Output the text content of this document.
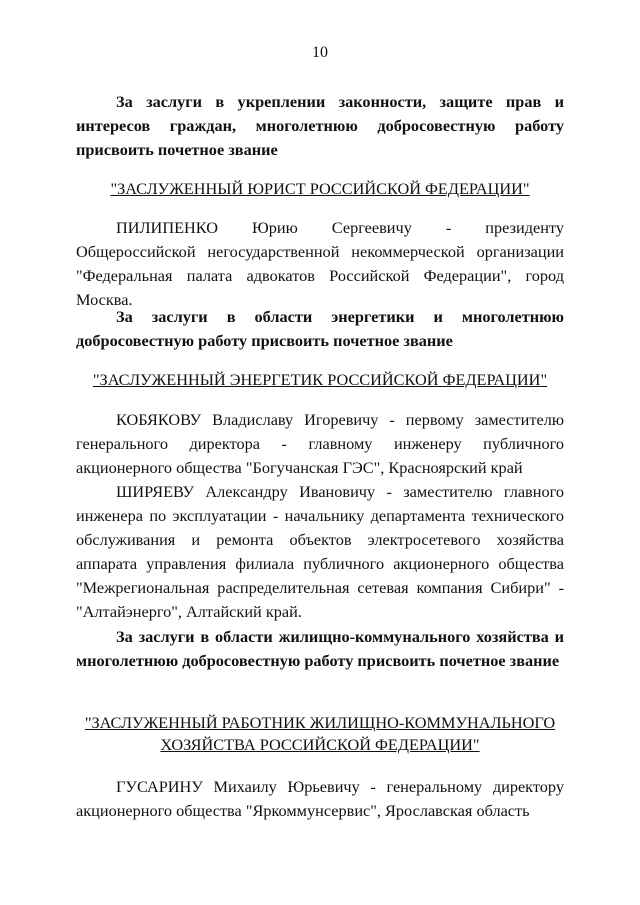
10
За заслуги в укреплении законности, защите прав и интересов граждан, многолетнюю добросовестную работу присвоить почетное звание
"ЗАСЛУЖЕННЫЙ ЮРИСТ РОССИЙСКОЙ ФЕДЕРАЦИИ"
ПИЛИПЕНКО Юрию Сергеевичу - президенту Общероссийской негосударственной некоммерческой организации "Федеральная палата адвокатов Российской Федерации", город Москва.
За заслуги в области энергетики и многолетнюю добросовестную работу присвоить почетное звание
"ЗАСЛУЖЕННЫЙ ЭНЕРГЕТИК РОССИЙСКОЙ ФЕДЕРАЦИИ"
КОБЯКОВУ Владиславу Игоревичу - первому заместителю генерального директора - главному инженеру публичного акционерного общества "Богучанская ГЭС", Красноярский край
ШИРЯЕВУ Александру Ивановичу - заместителю главного инженера по эксплуатации - начальнику департамента технического обслуживания и ремонта объектов электросетевого хозяйства аппарата управления филиала публичного акционерного общества "Межрегиональная распределительная сетевая компания Сибири" - "Алтайэнерго", Алтайский край.
За заслуги в области жилищно-коммунального хозяйства и многолетнюю добросовестную работу присвоить почетное звание
"ЗАСЛУЖЕННЫЙ РАБОТНИК ЖИЛИЩНО-КОММУНАЛЬНОГО
ХОЗЯЙСТВА РОССИЙСКОЙ ФЕДЕРАЦИИ"
ГУСАРИНУ Михаилу Юрьевичу - генеральному директору акционерного общества "Яркоммунсервис", Ярославская область
